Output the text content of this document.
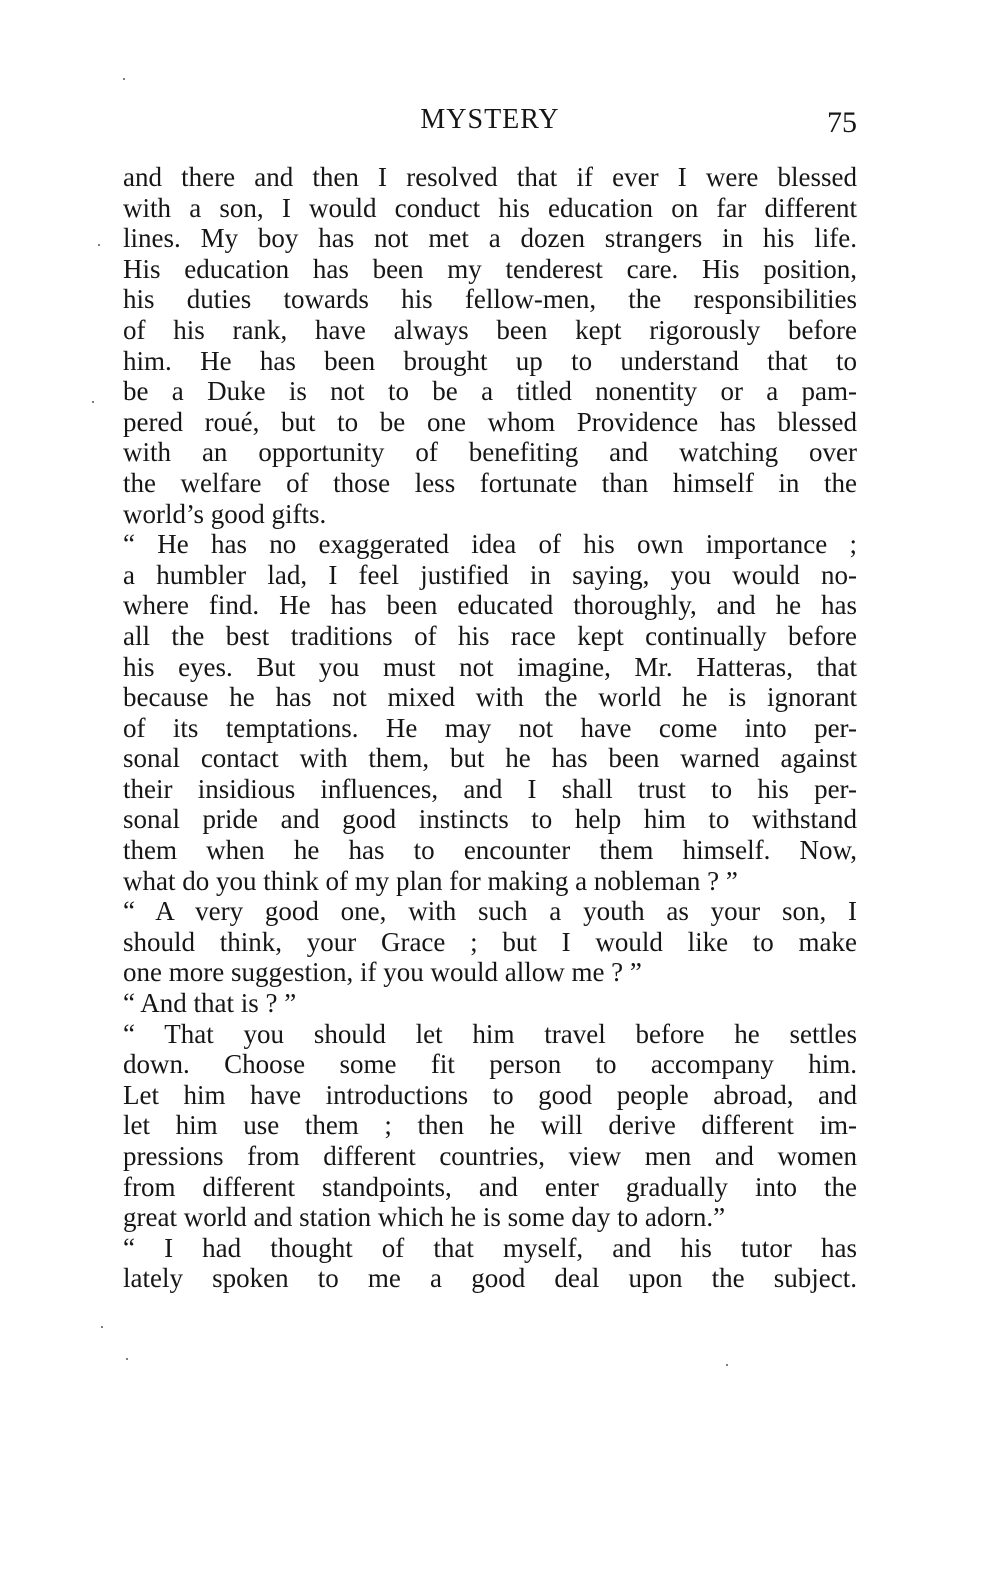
MYSTERY	75
and there and then I resolved that if ever I were blessed
with a son, I would conduct his education on far different
lines. My boy has not met a dozen strangers in his life.
His education has been my tenderest care. His position,
his duties towards his fellow-men, the responsibilities
of his rank, have always been kept rigorously before
him. He has been brought up to understand that to
be a Duke is not to be a titled nonentity or a pam-
pered roué, but to be one whom Providence has blessed
with an opportunity of benefiting and watching over
the welfare of those less fortunate than himself in the
world’s good gifts.
“ He has no exaggerated idea of his own importance ;
a humbler lad, I feel justified in saying, you would no-
where find. He has been educated thoroughly, and he has
all the best traditions of his race kept continually before
his eyes. But you must not imagine, Mr. Hatteras, that
because he has not mixed with the world he is ignorant
of its temptations. He may not have come into per-
sonal contact with them, but he has been warned against
their insidious influences, and I shall trust to his per-
sonal pride and good instincts to help him to withstand
them when he has to encounter them himself. Now,
what do you think of my plan for making a nobleman ? ”
“ A very good one, with such a youth as your son, I
should think, your Grace ; but I would like to make
one more suggestion, if you would allow me ? ”
“ And that is ? ”
“ That you should let him travel before he settles
down. Choose some fit person to accompany him.
Let him have introductions to good people abroad, and
let him use them ; then he will derive different im-
pressions from different countries, view men and women
from different standpoints, and enter gradually into the
great world and station which he is some day to adorn.”
“ I had thought of that myself, and his tutor has
lately spoken to me a good deal upon the subject.
